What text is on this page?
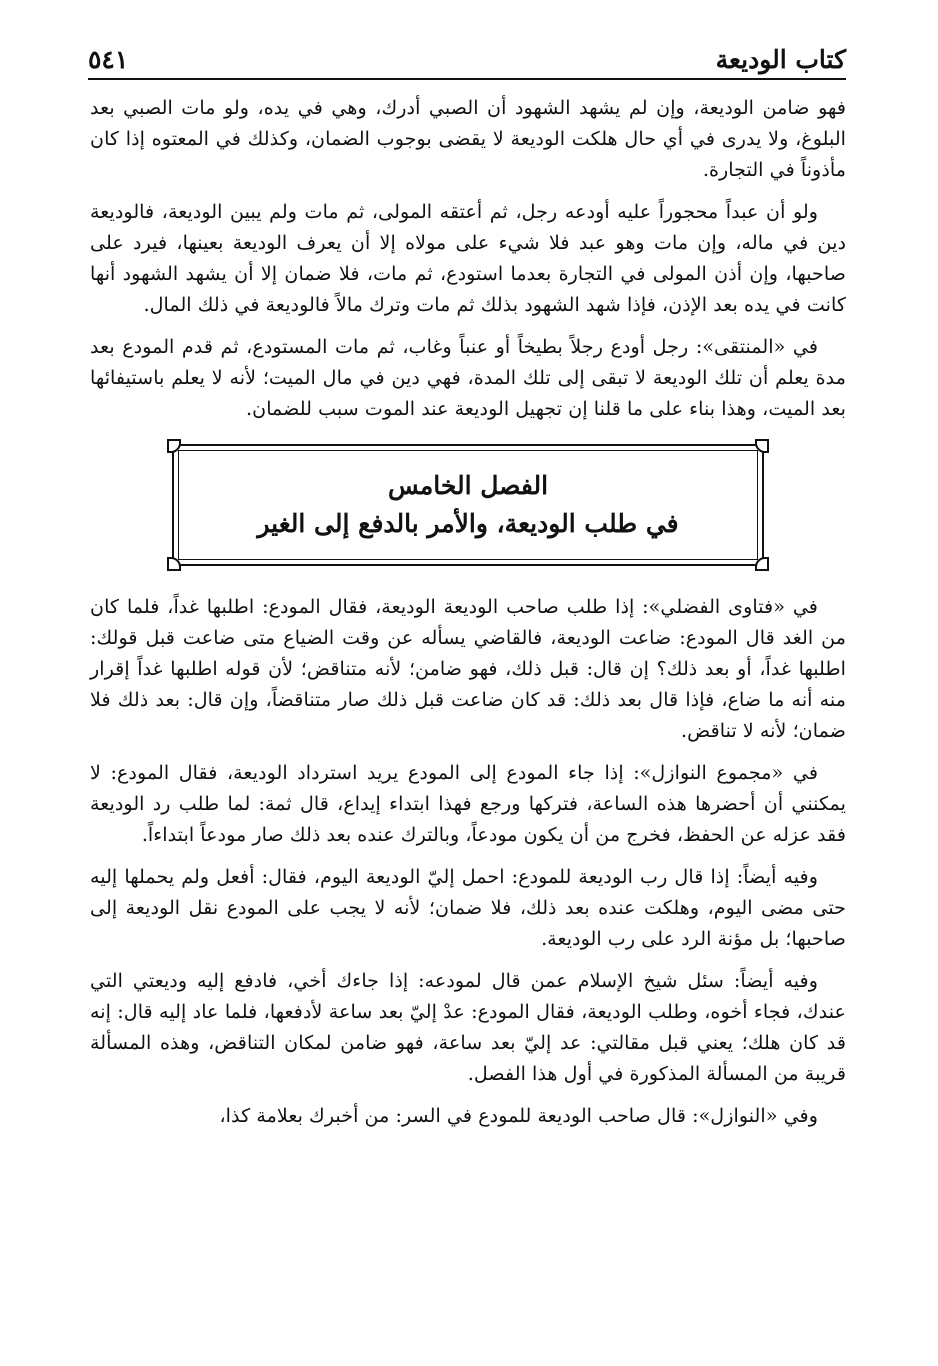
كتاب الوديعة
٥٤١

فهو ضامن الوديعة، وإن لم يشهد الشهود أن الصبي أدرك، وهي في يده، ولو مات الصبي بعد البلوغ، ولا يدرى في أي حال هلكت الوديعة لا يقضى بوجوب الضمان، وكذلك في المعتوه إذا كان مأذوناً في التجارة.

ولو أن عبداً محجوراً عليه أودعه رجل، ثم أعتقه المولى، ثم مات ولم يبين الوديعة، فالوديعة دين في ماله، وإن مات وهو عبد فلا شيء على مولاه إلا أن يعرف الوديعة بعينها، فيرد على صاحبها، وإن أذن المولى في التجارة بعدما استودع، ثم مات، فلا ضمان إلا أن يشهد الشهود أنها كانت في يده بعد الإذن، فإذا شهد الشهود بذلك ثم مات وترك مالاً فالوديعة في ذلك المال.

في «المنتقى»: رجل أودع رجلاً بطيخاً أو عنباً وغاب، ثم مات المستودع، ثم قدم المودع بعد مدة يعلم أن تلك الوديعة لا تبقى إلى تلك المدة، فهي دين في مال الميت؛ لأنه لا يعلم باستيفائها بعد الميت، وهذا بناء على ما قلنا إن تجهيل الوديعة عند الموت سبب للضمان.

الفصل الخامس
في طلب الوديعة، والأمر بالدفع إلى الغير

في «فتاوى الفضلي»: إذا طلب صاحب الوديعة الوديعة، فقال المودع: اطلبها غداً، فلما كان من الغد قال المودع: ضاعت الوديعة، فالقاضي يسأله عن وقت الضياع متى ضاعت قبل قولك: اطلبها غداً، أو بعد ذلك؟ إن قال: قبل ذلك، فهو ضامن؛ لأنه متناقض؛ لأن قوله اطلبها غداً إقرار منه أنه ما ضاع، فإذا قال بعد ذلك: قد كان ضاعت قبل ذلك صار متناقضاً، وإن قال: بعد ذلك فلا ضمان؛ لأنه لا تناقض.

في «مجموع النوازل»: إذا جاء المودع إلى المودع يريد استرداد الوديعة، فقال المودع: لا يمكنني أن أحضرها هذه الساعة، فتركها ورجع فهذا ابتداء إيداع، قال ثمة: لما طلب رد الوديعة فقد عزله عن الحفظ، فخرج من أن يكون مودعاً، وبالترك عنده بعد ذلك صار مودعاً ابتداءاً.

وفيه أيضاً: إذا قال رب الوديعة للمودع: احمل إليّ الوديعة اليوم، فقال: أفعل ولم يحملها إليه حتى مضى اليوم، وهلكت عنده بعد ذلك، فلا ضمان؛ لأنه لا يجب على المودع نقل الوديعة إلى صاحبها؛ بل مؤنة الرد على رب الوديعة.

وفيه أيضاً: سئل شيخ الإسلام عمن قال لمودعه: إذا جاءك أخي، فادفع إليه وديعتي التي عندك، فجاء أخوه، وطلب الوديعة، فقال المودع: عدْ إليّ بعد ساعة لأدفعها، فلما عاد إليه قال: إنه قد كان هلك؛ يعني قبل مقالتي: عد إليّ بعد ساعة، فهو ضامن لمكان التناقض، وهذه المسألة قريبة من المسألة المذكورة في أول هذا الفصل.

وفي «النوازل»: قال صاحب الوديعة للمودع في السر: من أخبرك بعلامة كذا،
